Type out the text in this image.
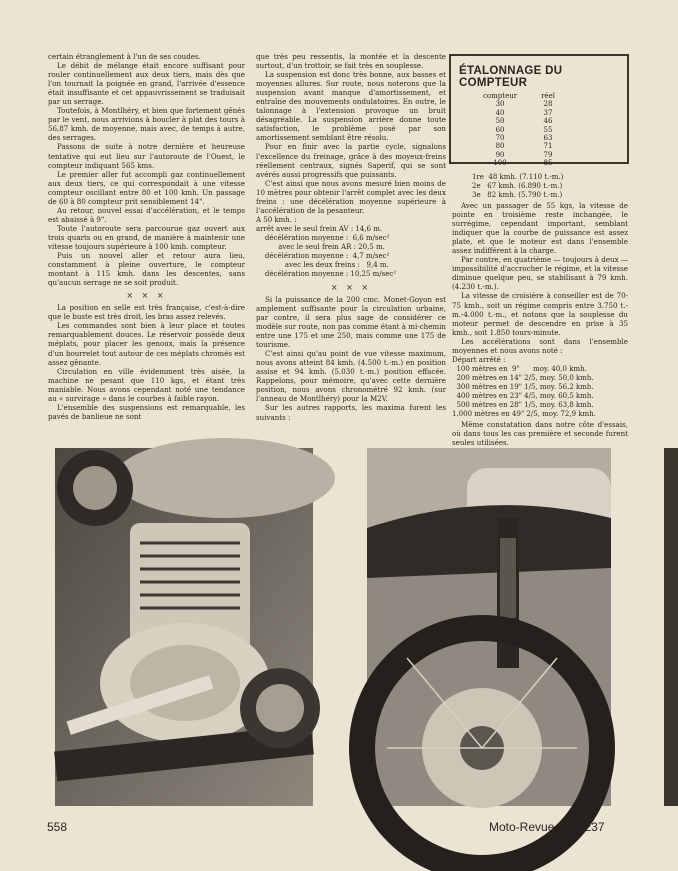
certain étranglement à l'un de ses coudes.

Le débit de mélange était encore suffisant pour rouler continuellement aux deux tiers, mais dès que l'on tournait la poignée en grand, l'arrivée d'essence était insuffisante et cet appauvrissement se traduisait par un serrage.

Toutefois, à Montlhéry, et bien que fortement gênés par le vent, nous arrivions à boucler à plat des tours à 56,87 kmh. de moyenne, mais avec, de temps à autre, des serrages.

Passons de suite à notre dernière et heureuse tentative qui eut lieu sur l'autoroute de l'Ouest, le compteur indiquant 565 kms.

Le premier aller fut accompli gaz continuellement aux deux tiers, ce qui correspondait à une vitesse compteur oscillant entre 80 et 100 kmh. Un passage de 60 à 80 compteur prit sensiblement 14".

Au retour, nouvel essai d'accélération, et le temps est abaissé à 9".

Toute l'autoroute sera parcourue gaz ouvert aux trois quarts ou en grand, de manière à maintenir une vitesse toujours supérieure à 100 kmh. compteur.

Puis un nouvel aller et retour aura lieu, constamment à pleine ouverture, le compteur montant à 115 kmh. dans les descentes, sans qu'aucun serrage ne se soit produit.

× × ×

La position en selle est très française, c'est-à-dire que le buste est très droit, les bras assez relevés.

Les commandes sont bien à leur place et toutes remarquablement douces. Le réservoir possède deux méplats, pour placer les genoux, mais la présence d'un bourrelet tout autour de ces méplats chromés est assez gênante.

Circulation en ville évidemment très aisée, la machine ne pesant que 110 kgs, et étant très maniable. Nous avons cependant noté une tendance au « survirage » dans le courbes à faible rayon.

L'ensemble des suspensions est remarquable, les pavés de banlieue ne sont

que très peu ressentis, la montée et la descente surtout, d'un trottoir, se fait très en souplesse.

La suspension est donc très bonne, aux basses et moyennes allures. Sur route, nous noterons que la suspension avant manque d'amortissement, et entraîne des mouvements ondulatoires. En outre, le talonnage à l'extension provoque un bruit désagréable. La suspension arrière donne toute satisfaction, le problème posé par son amortissement semblant être résolu.

Pour en finir avec la partie cycle, signalons l'excellence du freinage, grâce à des moyeux-freins réellement centraux, signés Saperif, qui se sont avérés aussi progressifs que puissants.

C'est ainsi que nous avons mesuré bien moins de 10 mètres pour obtenir l'arrêt complet avec les deux freins : une décélération moyenne supérieure à l'accélération de la pesanteur.

A 50 kmh. :
arrêt avec le seul frein AV : 14,6 m.
décélération moyenne :  6,6 m/sec²
avec le seul frein AR : 20,5 m.
décélération moyenne :  4,7 m/sec²
avec les deux freins :   9,4 m.
décélération moyenne : 10,25 m/sec²
× × ×

Si la puissance de la 200 cmc. Monet-Goyon est amplement suffisante pour la circulation urbaine, par contre, il sera plus sage de considérer ce modèle sur route, non pas comme étant à mi-chemin entre une 175 et une 250, mais comme une 175 de tourisme.

C'est ainsi qu'au point de vue vitesse maximum, nous avons atteint 84 kmh. (4.500 t.-m.) en position assise et 94 kmh. (5.030 t.-m.) position effacée. Rappelons, pour mémoire, qu'avec cette dernière position, nous avons chronométré 92 kmh. (sur l'anneau de Montlhéry) pour la M2V.

Sur les autres rapports, les maxima furent les suivants :

ÉTALONNAGE DU COMPTEUR
compteur	réel
30	28
40	37
50	46
60	55
70	63
80	71
90	79
100	85
1re  48 kmh. (7.110 t.-m.)
2e   67 kmh. (6.890 t.-m.)
3e   82 kmh. (5.790 t.-m.)

Avec un passager de 55 kgs, la vitesse de pointe en troisième reste inchangée, le surrégime, cependant important, semblant indiquer que la courbe de puissance est assez plate, et que le moteur est dans l'ensemble assez indifférent à la charge.

Par contre, en quatrième — toujours à deux — impossibilité d'accrocher le régime, et la vitesse diminue quelque peu, se stabilisant à 79 kmh. (4.230 t.-m.).

La vitesse de croisière à conseiller est de 70-75 kmh., soit un régime compris entre 3.750 t.-m.-4.000 t.-m., et notons que la souplesse du moteur permet de descendre en prise à 35 kmh., soit 1.850 tours-minute.

Les accélérations sont dans l'ensemble moyennes et nous avons noté :

Départ arrêté :
100 mètres en  9"      moy. 40,0 kmh.
200 mètres en 14" 2/5, moy. 50,0 kmh.
300 mètres en 19" 1/5, moy. 56,2 kmh.
400 mètres en 23" 4/5, moy. 60,5 kmh.
500 mètres en 28" 1/5, moy. 63,8 kmh.
1.000 mètres en 49" 2/5, moy. 72,9 kmh.

Même constatation dans notre côte d'essais, où dans tous les cas première et seconde furent seules utilisées.

558	Moto-Revue N° 1.237
